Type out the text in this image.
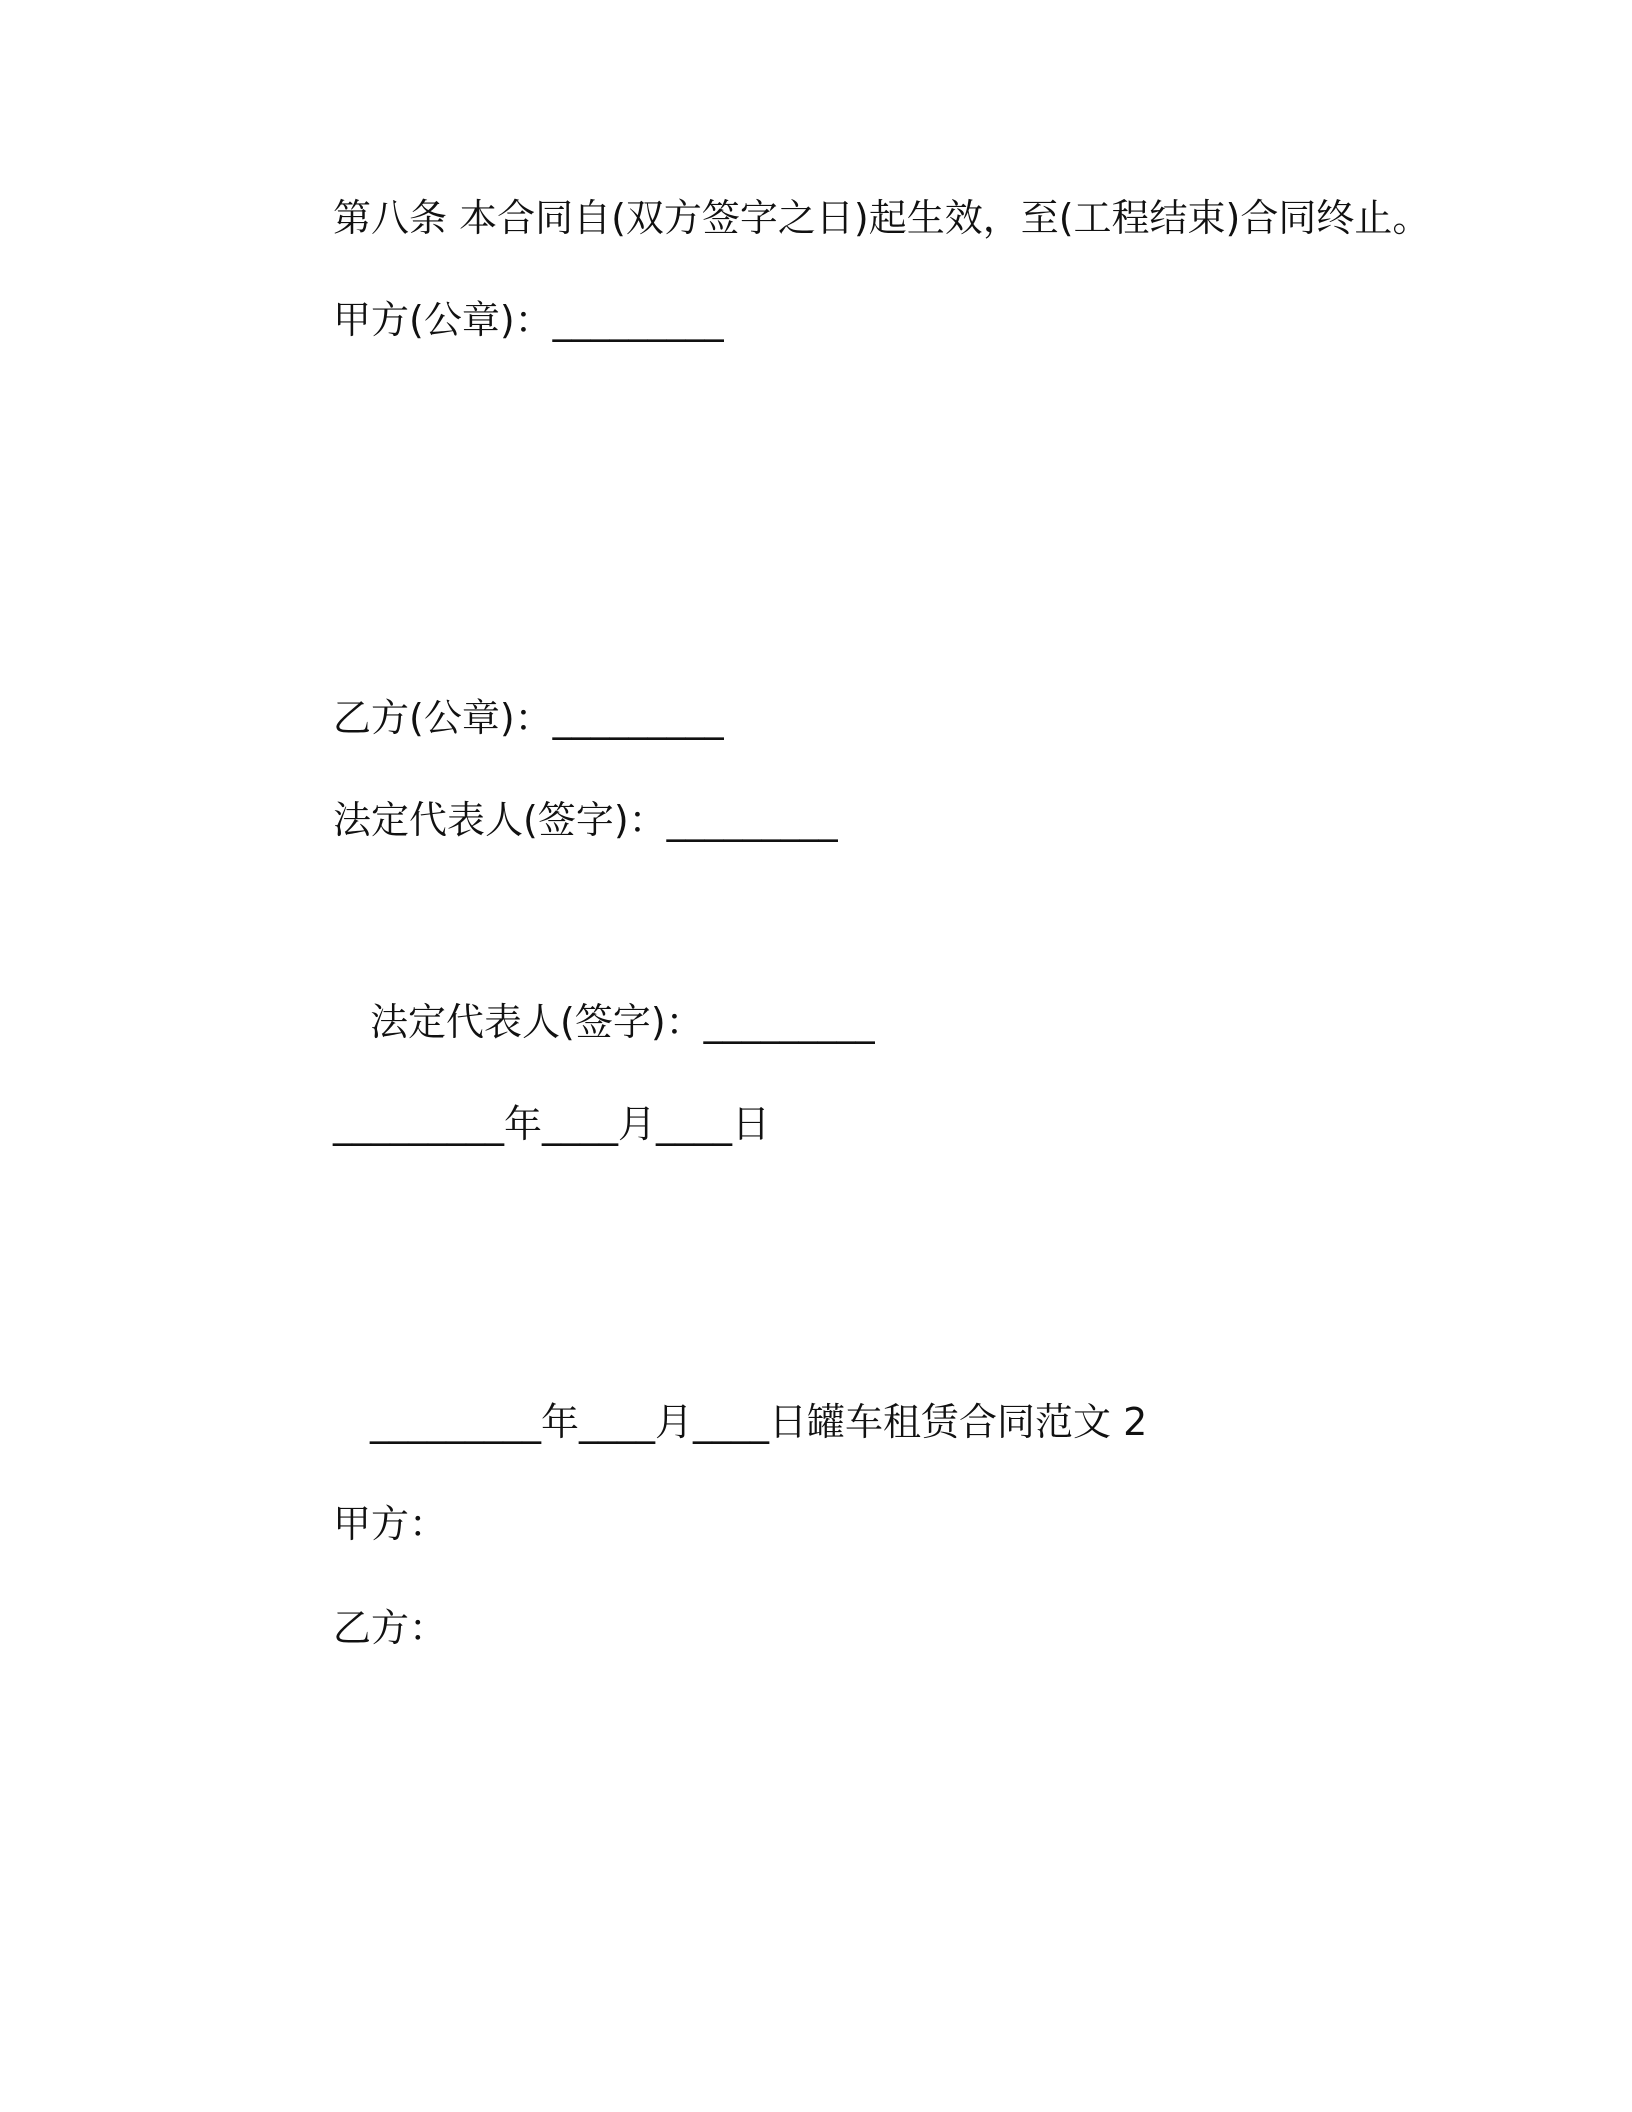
第八条 本合同自(双方签字之日)起生效，至(工程结束)合同终止。
甲方(公章)：_________
乙方(公章)：_________
法定代表人(签字)：_________
法定代表人(签字)：_________
_________年____月____日
_________年____月____日罐车租赁合同范文 2
甲方：
乙方：
